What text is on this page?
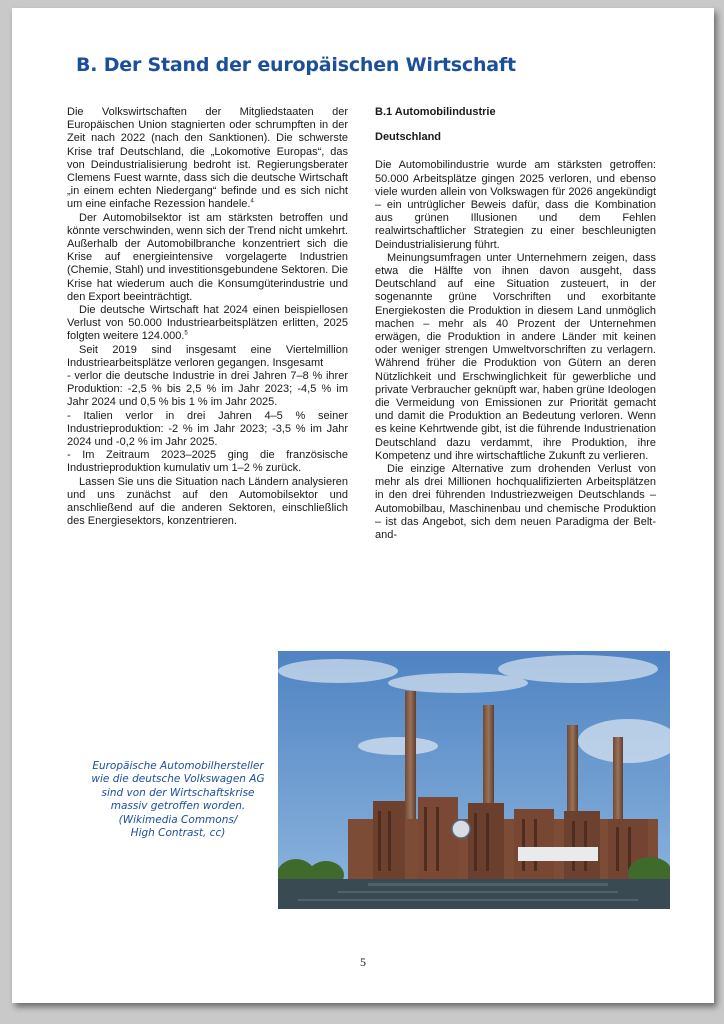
B. Der Stand der europäischen Wirtschaft

Die Volkswirtschaften der Mitgliedstaaten der Europäischen Union stagnierten oder schrumpften in der Zeit nach 2022 (nach den Sanktionen). Die schwerste Krise traf Deutschland, die „Lokomotive Europas“, das von Deindustrialisierung bedroht ist. Regierungsberater Clemens Fuest warnte, dass sich die deutsche Wirtschaft „in einem echten Niedergang“ befinde und es sich nicht um eine einfache Rezession handele.$^4$

Der Automobilsektor ist am stärksten betroffen und könnte verschwinden, wenn sich der Trend nicht umkehrt. Außerhalb der Automobilbranche konzentriert sich die Krise auf energieintensive vorgelagerte Industrien (Chemie, Stahl) und investitionsgebundene Sektoren. Die Krise hat wiederum auch die Konsumgüterindustrie und den Export beeinträchtigt.

Die deutsche Wirtschaft hat 2024 einen beispiellosen Verlust von 50.000 Industriearbeitsplätzen erlitten, 2025 folgten weitere 124.000.$^5$

Seit 2019 sind insgesamt eine Viertelmillion Industriearbeitsplätze verloren gegangen. Insgesamt

- verlor die deutsche Industrie in drei Jahren 7–8 % ihrer Produktion: -2,5 % bis 2,5 % im Jahr 2023; -4,5 % im Jahr 2024 und 0,5 % bis 1 % im Jahr 2025.

- Italien verlor in drei Jahren 4–5 % seiner Industrieproduktion: -2 % im Jahr 2023; -3,5 % im Jahr 2024 und -0,2 % im Jahr 2025.

- Im Zeitraum 2023–2025 ging die französische Industrieproduktion kumulativ um 1–2 % zurück.

Lassen Sie uns die Situation nach Ländern analysieren und uns zunächst auf den Automobilsektor und anschließend auf die anderen Sektoren, einschließlich des Energiesektors, konzentrieren.

B.1 Automobilindustrie
Deutschland

Die Automobilindustrie wurde am stärksten getroffen: 50.000 Arbeitsplätze gingen 2025 verloren, und ebenso viele wurden allein von Volkswagen für 2026 angekündigt – ein untrüglicher Beweis dafür, dass die Kombination aus grünen Illusionen und dem Fehlen realwirtschaftlicher Strategien zu einer beschleunigten Deindustrialisierung führt.

Meinungsumfragen unter Unternehmern zeigen, dass etwa die Hälfte von ihnen davon ausgeht, dass Deutschland auf eine Situation zusteuert, in der sogenannte grüne Vorschriften und exorbitante Energiekosten die Produktion in diesem Land unmöglich machen – mehr als 40 Prozent der Unternehmen erwägen, die Produktion in andere Länder mit keinen oder weniger strengen Umweltvorschriften zu verlagern. Während früher die Produktion von Gütern an deren Nützlichkeit und Erschwinglichkeit für gewerbliche und private Verbraucher geknüpft war, haben grüne Ideologen die Vermeidung von Emissionen zur Priorität gemacht und damit die Produktion an Bedeutung verloren. Wenn es keine Kehrtwende gibt, ist die führende Industrienation Deutschland dazu verdammt, ihre Produktion, ihre Kompetenz und ihre wirtschaftliche Zukunft zu verlieren.

Die einzige Alternative zum drohenden Verlust von mehr als drei Millionen hochqualifizierten Arbeitsplätzen in den drei führenden Industriezweigen Deutschlands – Automobilbau, Maschinenbau und chemische Produktion – ist das Angebot, sich dem neuen Paradigma der Belt-and-

Europäische Automobilhersteller
wie die deutsche Volkswagen AG
sind von der Wirtschaftskrise
massiv getroffen worden.
(Wikimedia Commons/
High Contrast, cc)
5
